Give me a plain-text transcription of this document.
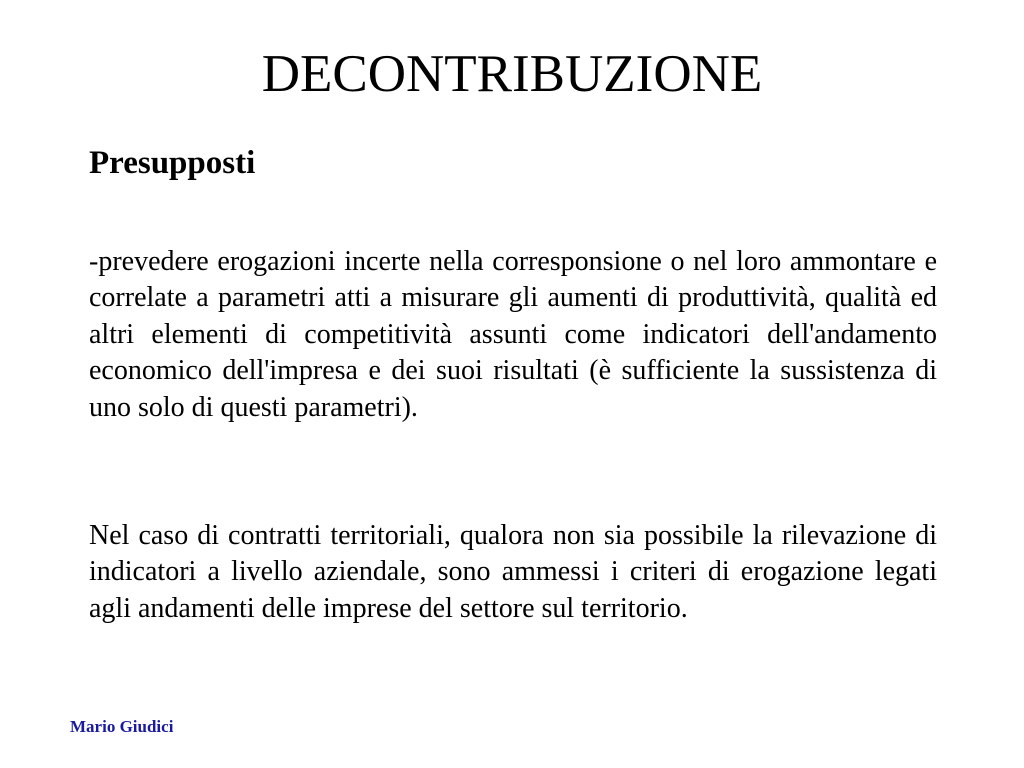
DECONTRIBUZIONE
Presupposti

-prevedere erogazioni incerte nella corresponsione o nel loro ammontare e correlate a parametri atti a misurare gli aumenti di produttività, qualità ed altri elementi di competitività assunti come indicatori dell'andamento economico dell'impresa e dei suoi risultati (è sufficiente la sussistenza di uno solo di questi parametri).

Nel caso di contratti territoriali, qualora non sia possibile la rilevazione di indicatori a livello aziendale, sono ammessi i criteri di erogazione legati agli andamenti delle imprese del settore sul territorio.

Mario Giudici
